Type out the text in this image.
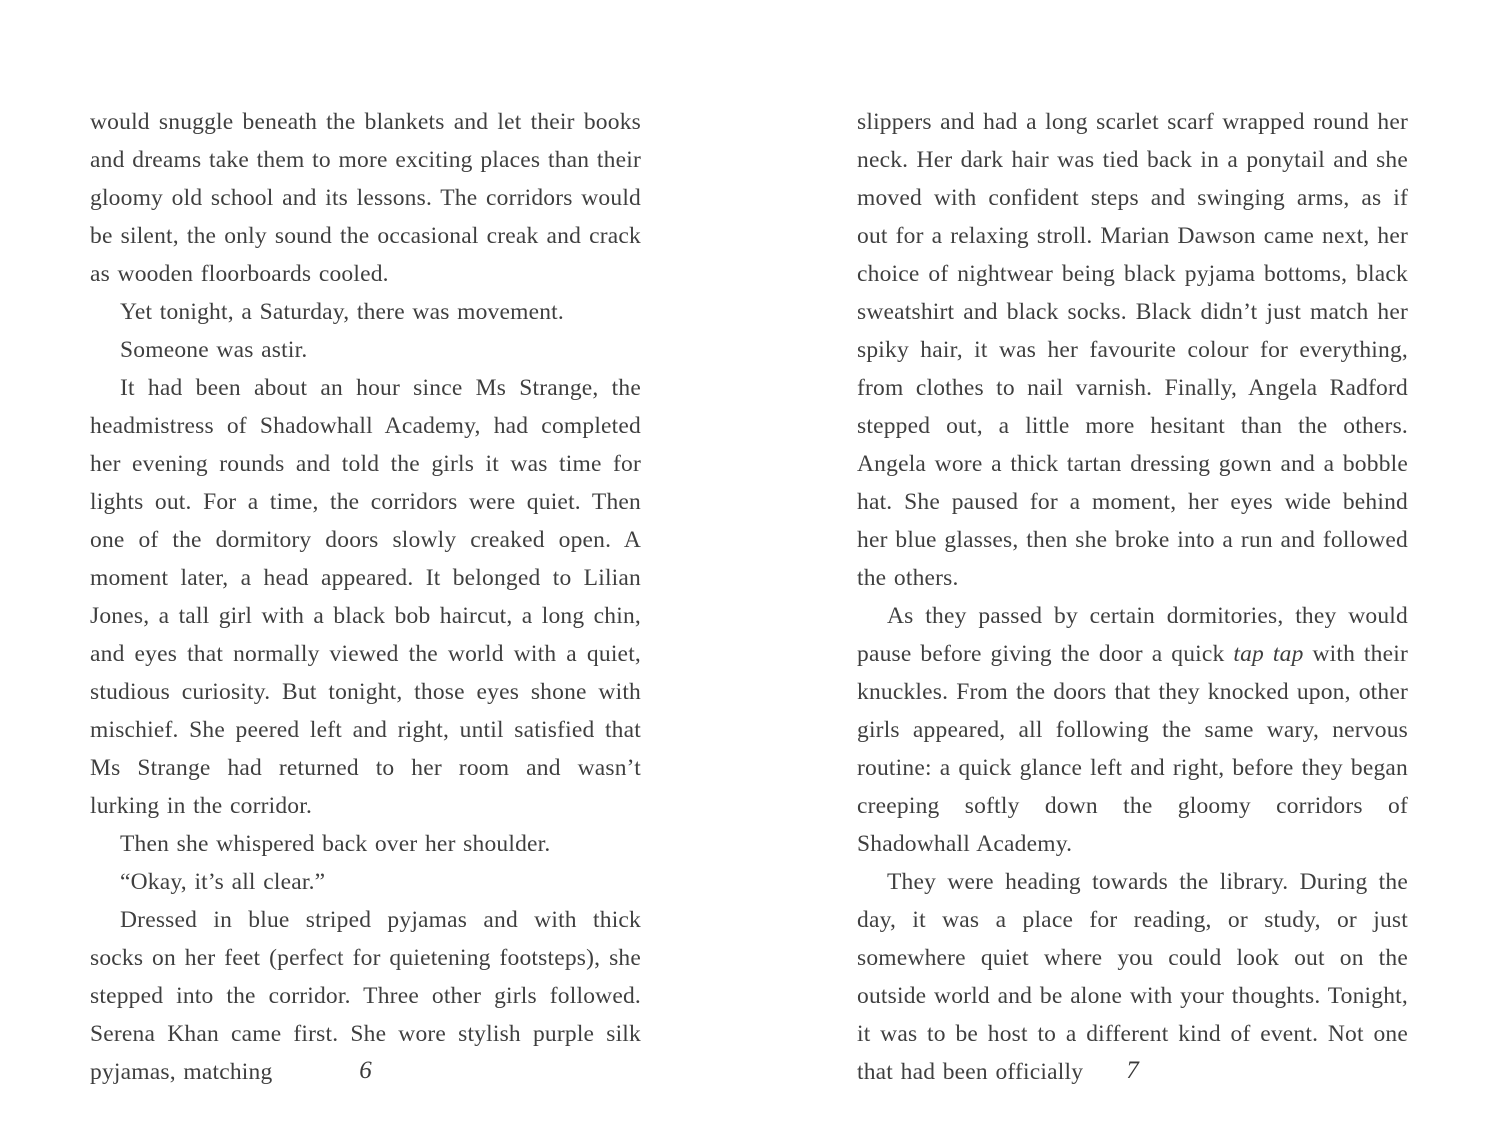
would snuggle beneath the blankets and let their books and dreams take them to more exciting places than their gloomy old school and its lessons. The corridors would be silent, the only sound the occasional creak and crack as wooden floorboards cooled.

Yet tonight, a Saturday, there was movement.

Someone was astir.

It had been about an hour since Ms Strange, the headmistress of Shadowhall Academy, had completed her evening rounds and told the girls it was time for lights out. For a time, the corridors were quiet. Then one of the dormitory doors slowly creaked open. A moment later, a head appeared. It belonged to Lilian Jones, a tall girl with a black bob haircut, a long chin, and eyes that normally viewed the world with a quiet, studious curiosity. But tonight, those eyes shone with mischief. She peered left and right, until satisfied that Ms Strange had returned to her room and wasn’t lurking in the corridor.

Then she whispered back over her shoulder.

“Okay, it’s all clear.”

Dressed in blue striped pyjamas and with thick socks on her feet (perfect for quietening footsteps), she stepped into the corridor. Three other girls followed. Serena Khan came first. She wore stylish purple silk pyjamas, matching

slippers and had a long scarlet scarf wrapped round her neck. Her dark hair was tied back in a ponytail and she moved with confident steps and swinging arms, as if out for a relaxing stroll. Marian Dawson came next, her choice of nightwear being black pyjama bottoms, black sweatshirt and black socks. Black didn’t just match her spiky hair, it was her favourite colour for everything, from clothes to nail varnish. Finally, Angela Radford stepped out, a little more hesitant than the others. Angela wore a thick tartan dressing gown and a bobble hat. She paused for a moment, her eyes wide behind her blue glasses, then she broke into a run and followed the others.

As they passed by certain dormitories, they would pause before giving the door a quick tap tap with their knuckles. From the doors that they knocked upon, other girls appeared, all following the same wary, nervous routine: a quick glance left and right, before they began creeping softly down the gloomy corridors of Shadowhall Academy.

They were heading towards the library. During the day, it was a place for reading, or study, or just somewhere quiet where you could look out on the outside world and be alone with your thoughts. Tonight, it was to be host to a different kind of event. Not one that had been officially

6	7
